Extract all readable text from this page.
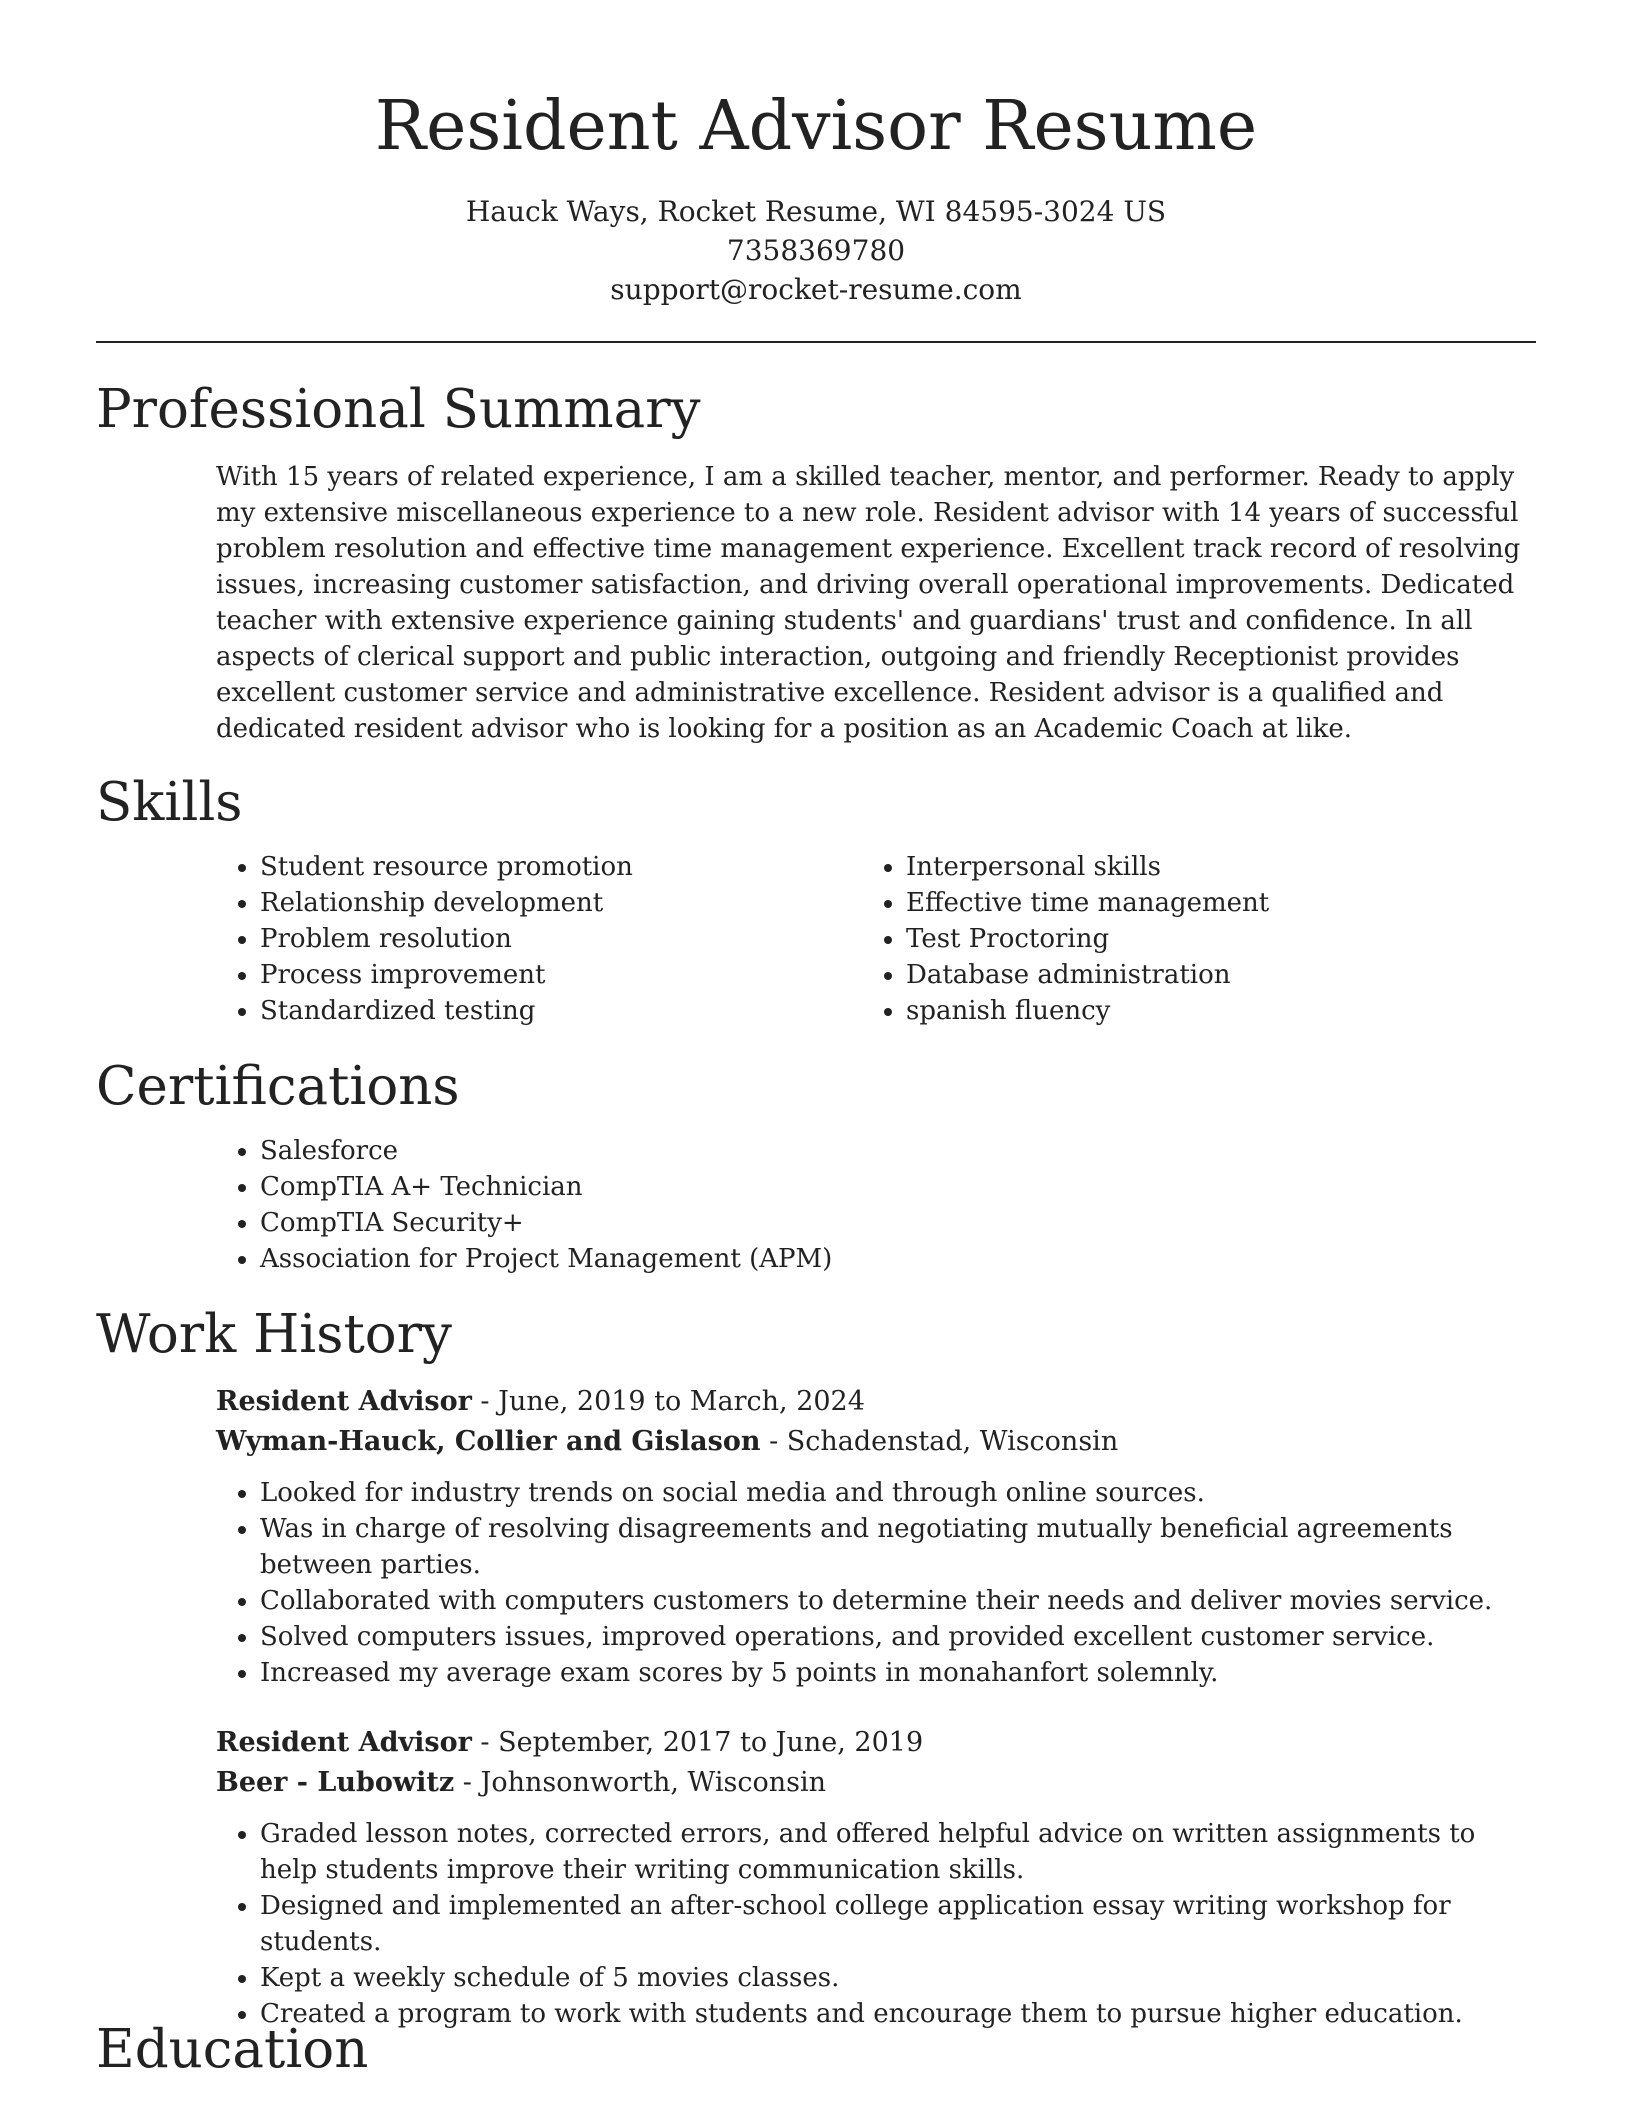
Resident Advisor Resume

Hauck Ways, Rocket Resume, WI 84595-3024 US

7358369780

support@rocket-resume.com

Professional Summary

With 15 years of related experience, I am a skilled teacher, mentor, and performer. Ready to apply my extensive miscellaneous experience to a new role. Resident advisor with 14 years of successful problem resolution and effective time management experience. Excellent track record of resolving issues, increasing customer satisfaction, and driving overall operational improvements. Dedicated teacher with extensive experience gaining students' and guardians' trust and confidence. In all aspects of clerical support and public interaction, outgoing and friendly Receptionist provides excellent customer service and administrative excellence. Resident advisor is a qualified and dedicated resident advisor who is looking for a position as an Academic Coach at like.

Skills
• Student resource promotion
• Relationship development
• Problem resolution
• Process improvement
• Standardized testing
• Interpersonal skills
• Effective time management
• Test Proctoring
• Database administration
• spanish fluency
Certifications
• Salesforce
• CompTIA A+ Technician
• CompTIA Security+
• Association for Project Management (APM)
Work History

Resident Advisor - June, 2019 to March, 2024

Wyman-Hauck, Collier and Gislason - Schadenstad, Wisconsin

• Looked for industry trends on social media and through online sources.
• Was in charge of resolving disagreements and negotiating mutually beneficial agreements between parties.
• Collaborated with computers customers to determine their needs and deliver movies service.
• Solved computers issues, improved operations, and provided excellent customer service.
• Increased my average exam scores by 5 points in monahanfort solemnly.

Resident Advisor - September, 2017 to June, 2019

Beer - Lubowitz - Johnsonworth, Wisconsin

• Graded lesson notes, corrected errors, and offered helpful advice on written assignments to help students improve their writing communication skills.
• Designed and implemented an after-school college application essay writing workshop for students.
• Kept a weekly schedule of 5 movies classes.
• Created a program to work with students and encourage them to pursue higher education.
Education
